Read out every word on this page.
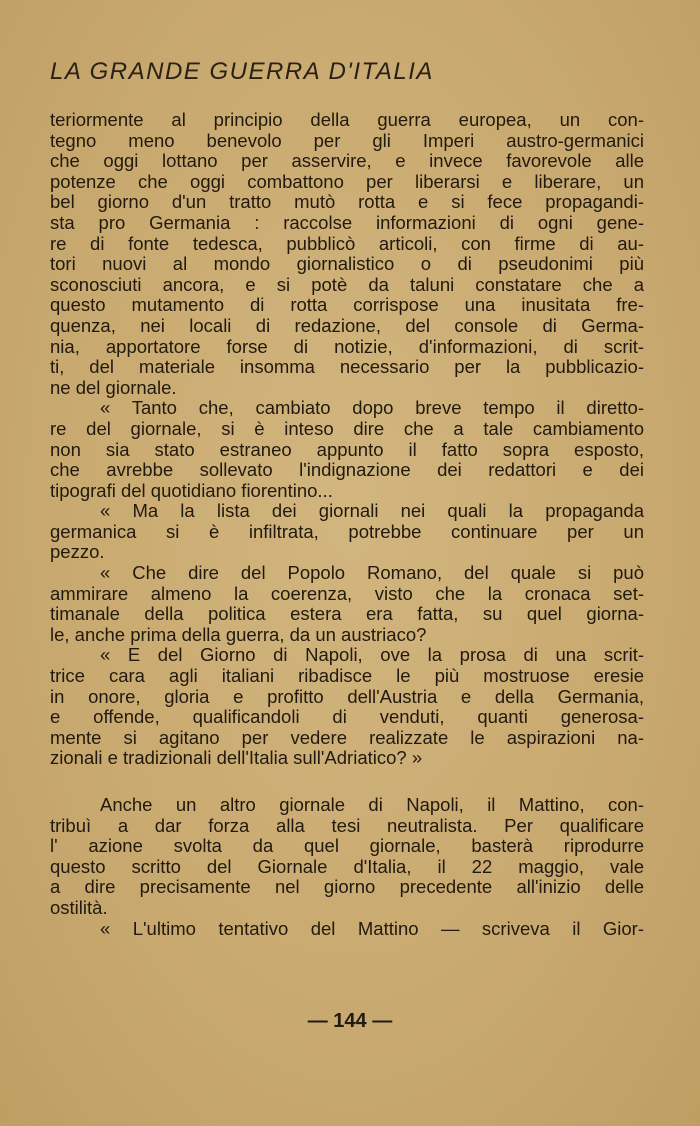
LA GRANDE GUERRA D'ITALIA
teriormente al principio della guerra europea, un con-
tegno meno benevolo per gli Imperi austro-germanici
che oggi lottano per asservire, e invece favorevole alle
potenze che oggi combattono per liberarsi e liberare, un
bel giorno d'un tratto mutò rotta e si fece propagandi-
sta pro Germania : raccolse informazioni di ogni gene-
re di fonte tedesca, pubblicò articoli, con firme di au-
tori nuovi al mondo giornalistico o di pseudonimi più
sconosciuti ancora, e si potè da taluni constatare che a
questo mutamento di rotta corrispose una inusitata fre-
quenza, nei locali di redazione, del console di Germa-
nia, apportatore forse di notizie, d'informazioni, di scrit-
ti, del materiale insomma necessario per la pubblicazio-
ne del giornale.
« Tanto che, cambiato dopo breve tempo il diretto-
re del giornale, si è inteso dire che a tale cambiamento
non sia stato estraneo appunto il fatto sopra esposto,
che avrebbe sollevato l'indignazione dei redattori e dei
tipografi del quotidiano fiorentino...
« Ma la lista dei giornali nei quali la propaganda
germanica si è infiltrata, potrebbe continuare per un
pezzo.
« Che dire del Popolo Romano, del quale si può
ammirare almeno la coerenza, visto che la cronaca set-
timanale della politica estera era fatta, su quel giorna-
le, anche prima della guerra, da un austriaco?
« E del Giorno di Napoli, ove la prosa di una scrit-
trice cara agli italiani ribadisce le più mostruose eresie
in onore, gloria e profitto dell'Austria e della Germania,
e offende, qualificandoli di venduti, quanti generosa-
mente si agitano per vedere realizzate le aspirazioni na-
zionali e tradizionali dell'Italia sull'Adriatico? »
Anche un altro giornale di Napoli, il Mattino, con-
tribuì a dar forza alla tesi neutralista. Per qualificare
l' azione svolta da quel giornale, basterà riprodurre
questo scritto del Giornale d'Italia, il 22 maggio, vale
a dire precisamente nel giorno precedente all'inizio delle
ostilità.
« L'ultimo tentativo del Mattino — scriveva il Gior-
— 144 —
